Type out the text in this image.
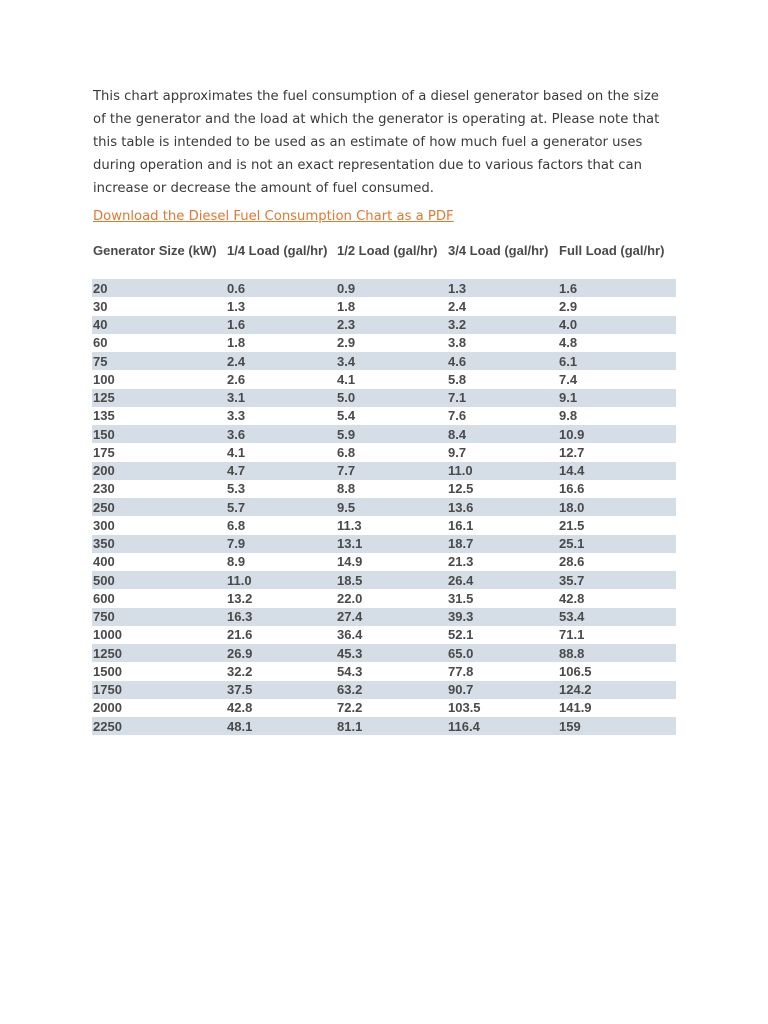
This chart approximates the fuel consumption of a diesel generator based on the size of the generator and the load at which the generator is operating at. Please note that this table is intended to be used as an estimate of how much fuel a generator uses during operation and is not an exact representation due to various factors that can increase or decrease the amount of fuel consumed.

Download the Diesel Fuel Consumption Chart as a PDF
Generator Size (kW)	1/4 Load (gal/hr)	1/2 Load (gal/hr)	3/4 Load (gal/hr)	Full Load (gal/hr)
20	0.6	0.9	1.3	1.6
30	1.3	1.8	2.4	2.9
40	1.6	2.3	3.2	4.0
60	1.8	2.9	3.8	4.8
75	2.4	3.4	4.6	6.1
100	2.6	4.1	5.8	7.4
125	3.1	5.0	7.1	9.1
135	3.3	5.4	7.6	9.8
150	3.6	5.9	8.4	10.9
175	4.1	6.8	9.7	12.7
200	4.7	7.7	11.0	14.4
230	5.3	8.8	12.5	16.6
250	5.7	9.5	13.6	18.0
300	6.8	11.3	16.1	21.5
350	7.9	13.1	18.7	25.1
400	8.9	14.9	21.3	28.6
500	11.0	18.5	26.4	35.7
600	13.2	22.0	31.5	42.8
750	16.3	27.4	39.3	53.4
1000	21.6	36.4	52.1	71.1
1250	26.9	45.3	65.0	88.8
1500	32.2	54.3	77.8	106.5
1750	37.5	63.2	90.7	124.2
2000	42.8	72.2	103.5	141.9
2250	48.1	81.1	116.4	159
